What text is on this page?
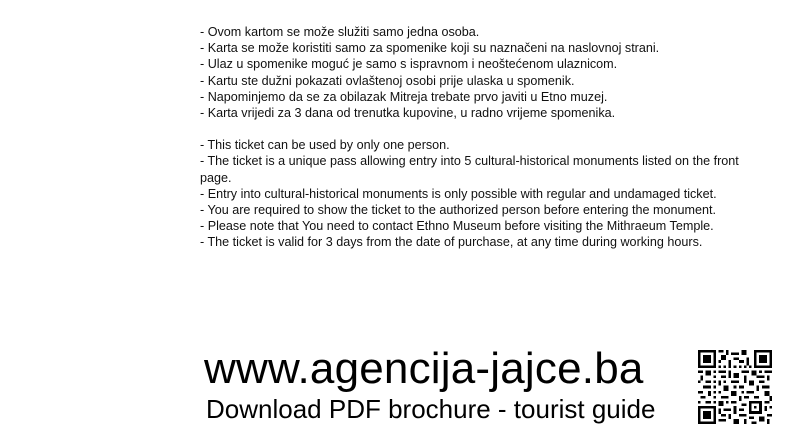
- Ovom kartom se može služiti samo jedna osoba.

- Karta se može koristiti samo za spomenike koji su naznačeni na naslovnoj strani.

- Ulaz u spomenike moguć je samo s ispravnom i neoštećenom ulaznicom.

- Kartu ste dužni pokazati ovlaštenoj osobi prije ulaska u spomenik.

- Napominjemo da se za obilazak Mitreja trebate prvo javiti u Etno muzej.

- Karta vrijedi za 3 dana od trenutka kupovine, u radno vrijeme spomenika.

- This ticket can be used by only one person.

- The ticket is a unique pass allowing entry into 5 cultural-historical monuments listed on the front page.

- Entry into cultural-historical monuments is only possible with regular and undamaged ticket.

- You are required to show the ticket to the authorized person before entering the monument.

- Please note that You need to contact Ethno Museum before visiting the Mithraeum Temple.

- The ticket is valid for 3 days from the date of purchase, at any time during working hours.

www.agencija-jajce.ba
Download PDF brochure - tourist guide
